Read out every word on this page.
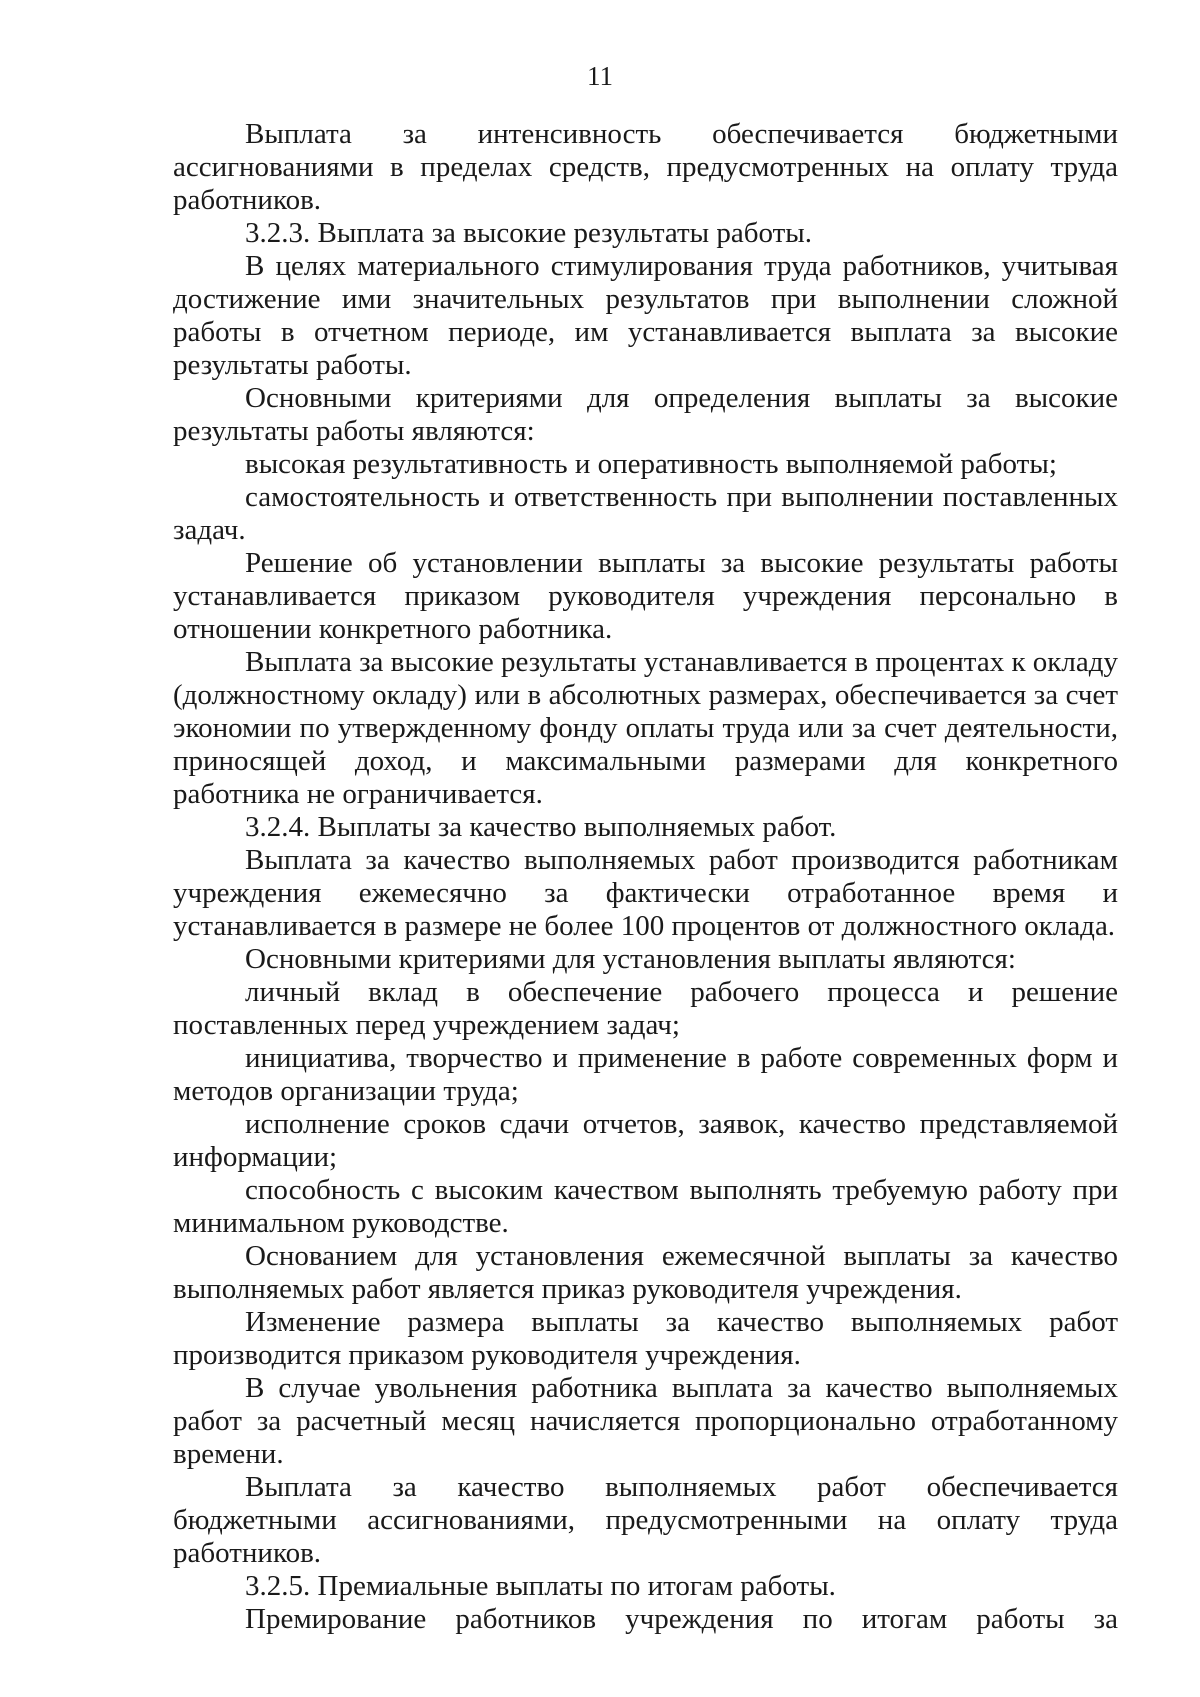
11

Выплата за интенсивность обеспечивается бюджетными ассигнованиями в пределах средств, предусмотренных на оплату труда работников.

3.2.3. Выплата за высокие результаты работы.

В целях материального стимулирования труда работников, учитывая достижение ими значительных результатов при выполнении сложной работы в отчетном периоде, им устанавливается выплата за высокие результаты работы.

Основными критериями для определения выплаты за высокие результаты работы являются:

высокая результативность и оперативность выполняемой работы;

самостоятельность и ответственность при выполнении поставленных задач.

Решение об установлении выплаты за высокие результаты работы устанавливается приказом руководителя учреждения персонально в отношении конкретного работника.

Выплата за высокие результаты устанавливается в процентах к окладу (должностному окладу) или в абсолютных размерах, обеспечивается за счет экономии по утвержденному фонду оплаты труда или за счет деятельности, приносящей доход, и максимальными размерами для конкретного работника не ограничивается.

3.2.4. Выплаты за качество выполняемых работ.

Выплата за качество выполняемых работ производится работникам учреждения ежемесячно за фактически отработанное время и устанавливается в размере не более 100 процентов от должностного оклада.

Основными критериями для установления выплаты являются:

личный вклад в обеспечение рабочего процесса и решение поставленных перед учреждением задач;

инициатива, творчество и применение в работе современных форм и методов организации труда;

исполнение сроков сдачи отчетов, заявок, качество представляемой информации;

способность с высоким качеством выполнять требуемую работу при минимальном руководстве.

Основанием для установления ежемесячной выплаты за качество выполняемых работ является приказ руководителя учреждения.

Изменение размера выплаты за качество выполняемых работ производится приказом руководителя учреждения.

В случае увольнения работника выплата за качество выполняемых работ за расчетный месяц начисляется пропорционально отработанному времени.

Выплата за качество выполняемых работ обеспечивается бюджетными ассигнованиями, предусмотренными на оплату труда работников.

3.2.5. Премиальные выплаты по итогам работы.

Премирование работников учреждения по итогам работы за
